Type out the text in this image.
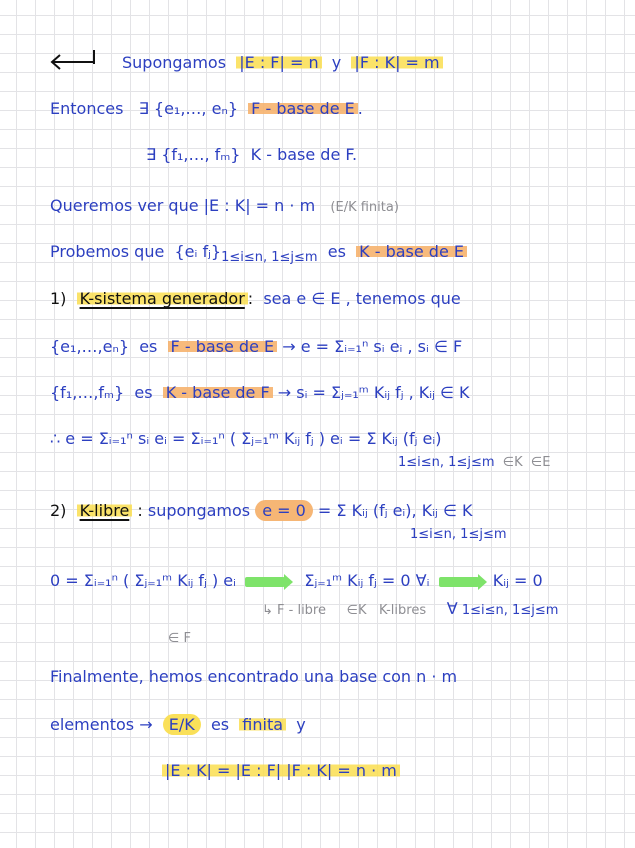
Supongamos |E : F| = n y |F : K| = m
Entonces ∃ {e₁,…, eₙ} F - base de E .
∃ {f₁,…, fₘ} K - base de F.
Queremos ver que |E : K| = n · m (E/K finita)
Probemos que {eᵢ $fⱼ\}_{1\le i\le n, 1\le j\le m}$ es K - base de E
1) K-sistema generador : sea e ∈ E , tenemos que
{e₁,…,eₙ} es F - base de E → e = Σᵢ₌₁ⁿ sᵢ eᵢ , sᵢ ∈ F
{f₁,…,fₘ} es K - base de F → sᵢ = Σⱼ₌₁ᵐ Kᵢⱼ fⱼ , Kᵢⱼ ∈ K
∴ e = Σᵢ₌₁ⁿ sᵢ eᵢ = Σᵢ₌₁ⁿ ( Σⱼ₌₁ᵐ Kᵢⱼ fⱼ ) eᵢ = Σ Kᵢⱼ (fⱼ eᵢ)
1≤i≤n, 1≤j≤m ∈K ∈E
2) K-libre : supongamos e = 0 = Σ Kᵢⱼ (fⱼ eᵢ), Kᵢⱼ ∈ K
1≤i≤n, 1≤j≤m
0 = Σᵢ₌₁ⁿ ( Σⱼ₌₁ᵐ Kᵢⱼ fⱼ ) eᵢ	Σⱼ₌₁ᵐ Kᵢⱼ fⱼ = 0 ∀ᵢ	Kᵢⱼ = 0
↳ F - libre ∈K K-libres ∀ 1≤i≤n, 1≤j≤m
∈ F
Finalmente, hemos encontrado una base con n · m
elementos → E/K es finita y
|E : K| = |E : F| |F : K| = n · m
